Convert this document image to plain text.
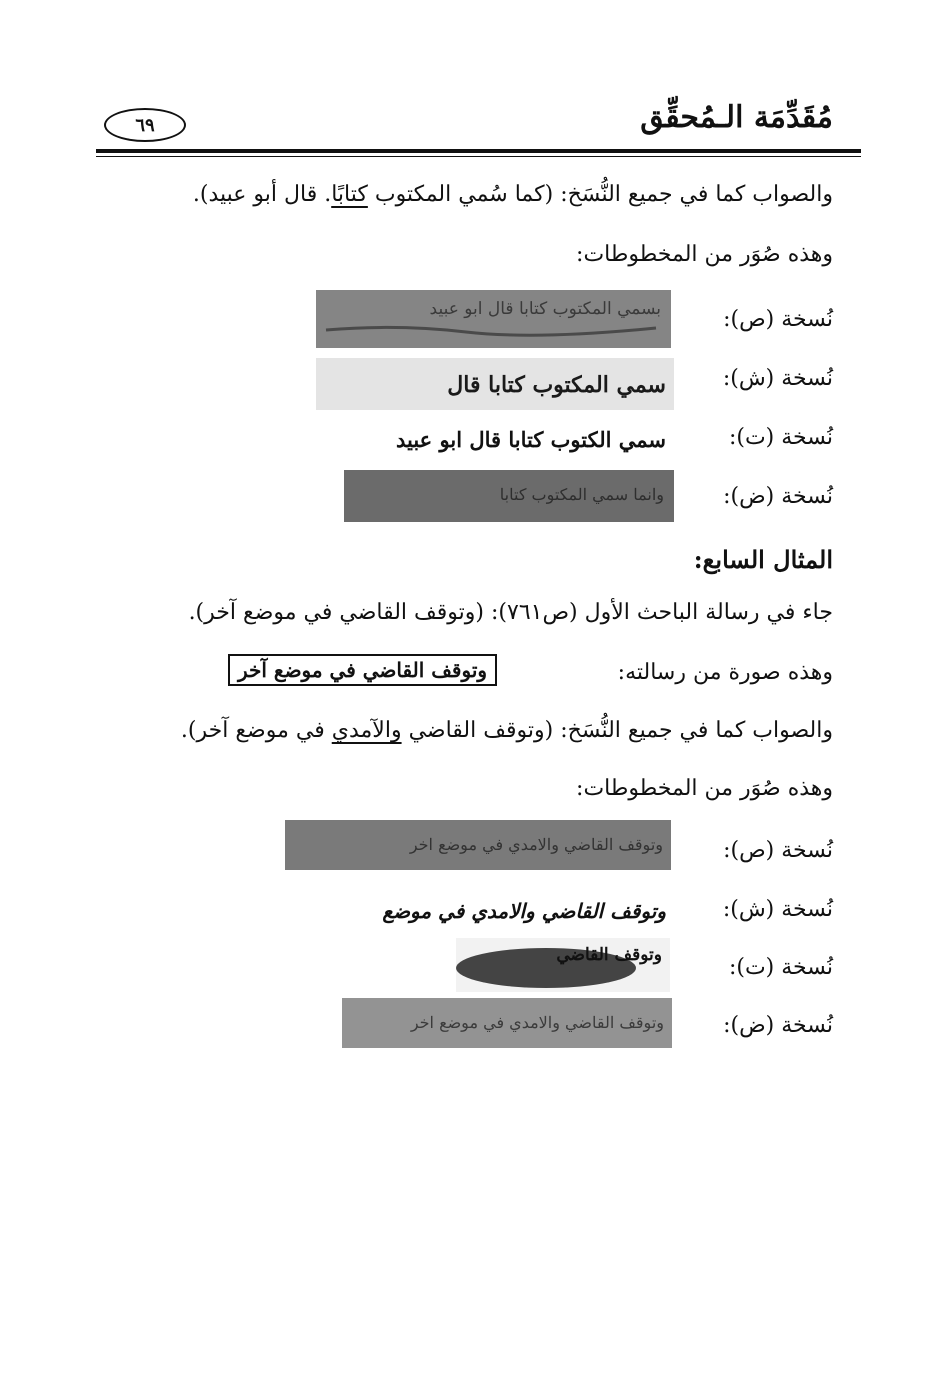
مُقَدِّمَة الـمُحقِّق
٦٩
والصواب كما في جميع النُّسَخ: (كما سُمي المكتوب كتابًا. قال أبو عبيد).
وهذه صُوَر من المخطوطات:
نُسخة (ص):
بسمي المكتوب كتابا قال ابو عبيد
نُسخة (ش):
سمي المكتوب كتابا قال
نُسخة (ت):
سمي الكتوب كتابا قال ابو عبيد
نُسخة (ض):
وانما سمي المكتوب كتابا
المثال السابع:
جاء في رسالة الباحث الأول (ص٧٦١): (وتوقف القاضي في موضع آخر).
وهذه صورة من رسالته:
وتوقف القاضي في موضع آخر
والصواب كما في جميع النُّسَخ: (وتوقف القاضي والآمدي في موضع آخر).
وهذه صُوَر من المخطوطات:
نُسخة (ص):
وتوقف القاضي والامدي في موضع اخر
نُسخة (ش):
وتوقف القاضي والامدي في موضع
نُسخة (ت):
وتوقف القاضي
نُسخة (ض):
وتوقف القاضي والامدي في موضع اخر
